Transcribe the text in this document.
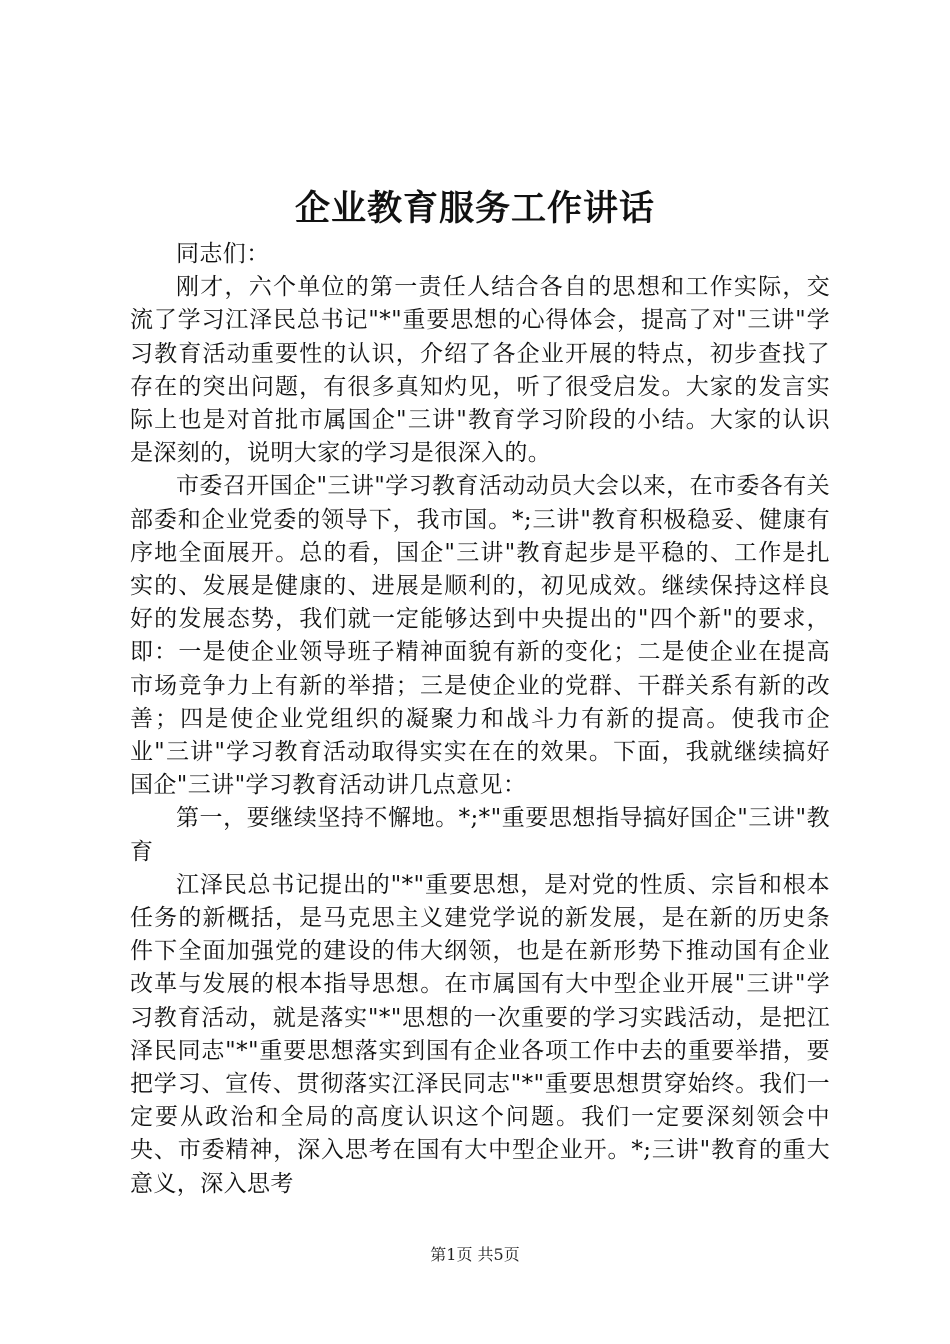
企业教育服务工作讲话

同志们：

刚才，六个单位的第一责任人结合各自的思想和工作实际，交流了学习江泽民总书记"*"重要思想的心得体会，提高了对"三讲"学习教育活动重要性的认识，介绍了各企业开展的特点，初步查找了存在的突出问题，有很多真知灼见，听了很受启发。大家的发言实际上也是对首批市属国企"三讲"教育学习阶段的小结。大家的认识是深刻的，说明大家的学习是很深入的。

市委召开国企"三讲"学习教育活动动员大会以来，在市委各有关部委和企业党委的领导下，我市国。*;三讲"教育积极稳妥、健康有序地全面展开。总的看，国企"三讲"教育起步是平稳的、工作是扎实的、发展是健康的、进展是顺利的，初见成效。继续保持这样良好的发展态势，我们就一定能够达到中央提出的"四个新"的要求，即：一是使企业领导班子精神面貌有新的变化；二是使企业在提高市场竞争力上有新的举措；三是使企业的党群、干群关系有新的改善；四是使企业党组织的凝聚力和战斗力有新的提高。使我市企业"三讲"学习教育活动取得实实在在的效果。下面，我就继续搞好国企"三讲"学习教育活动讲几点意见：

第一，要继续坚持不懈地。*;*"重要思想指导搞好国企"三讲"教育

江泽民总书记提出的"*"重要思想，是对党的性质、宗旨和根本任务的新概括，是马克思主义建党学说的新发展，是在新的历史条件下全面加强党的建设的伟大纲领，也是在新形势下推动国有企业改革与发展的根本指导思想。在市属国有大中型企业开展"三讲"学习教育活动，就是落实"*"思想的一次重要的学习实践活动，是把江泽民同志"*"重要思想落实到国有企业各项工作中去的重要举措，要把学习、宣传、贯彻落实江泽民同志"*"重要思想贯穿始终。我们一定要从政治和全局的高度认识这个问题。我们一定要深刻领会中央、市委精神，深入思考在国有大中型企业开。*;三讲"教育的重大意义，深入思考

第1页 共5页
